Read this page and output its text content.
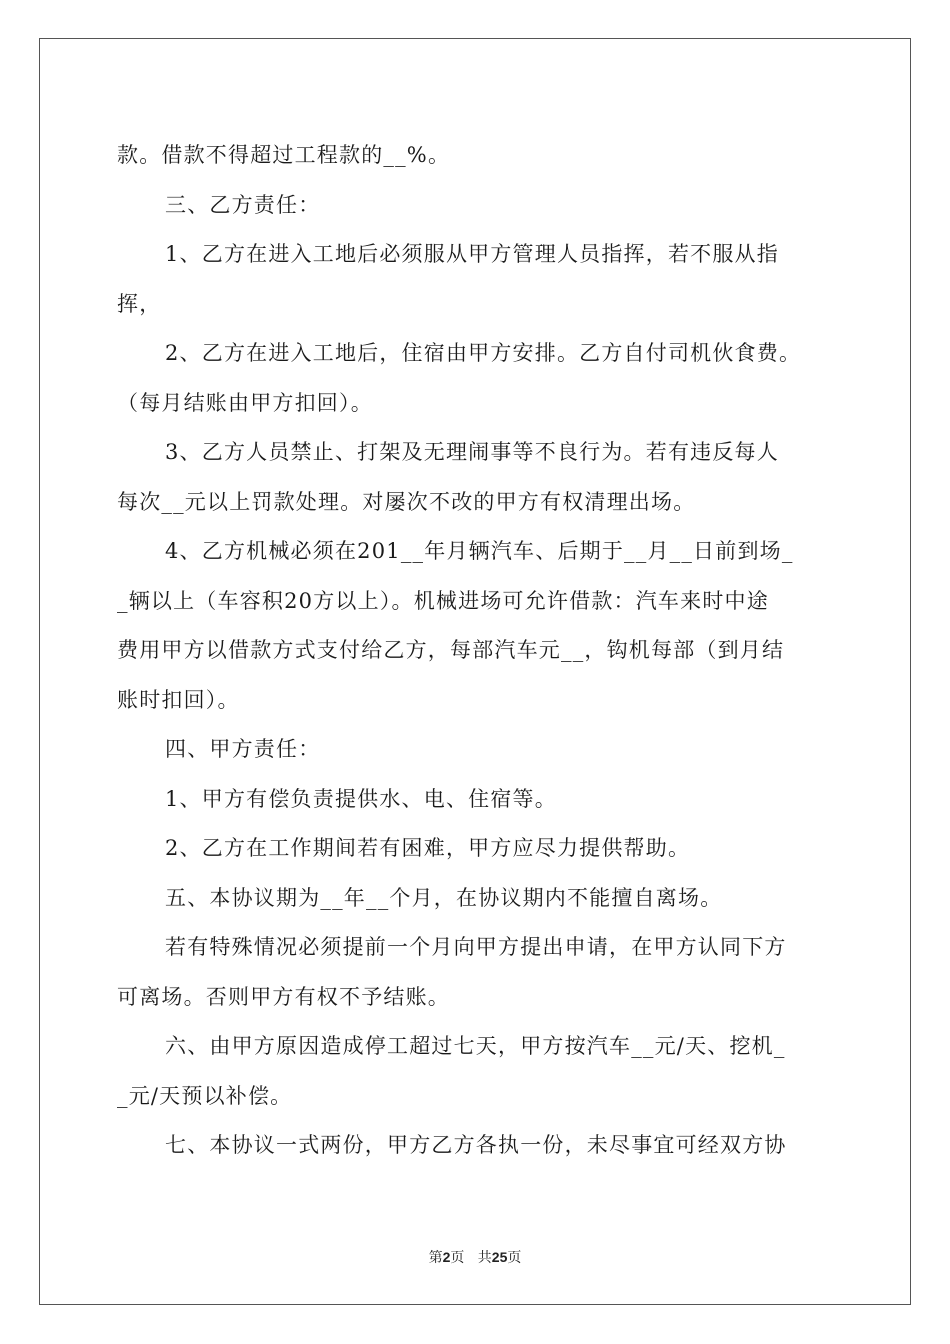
款。借款不得超过工程款的__%。

三、乙方责任：

1、乙方在进入工地后必须服从甲方管理人员指挥，若不服从指

挥，

2、乙方在进入工地后，住宿由甲方安排。乙方自付司机伙食费。

（每月结账由甲方扣回）。

3、乙方人员禁止、打架及无理闹事等不良行为。若有违反每人

每次__元以上罚款处理。对屡次不改的甲方有权清理出场。

4、乙方机械必须在201__年月辆汽车、后期于__月__日前到场_

_辆以上（车容积20方以上）。机械进场可允许借款：汽车来时中途

费用甲方以借款方式支付给乙方，每部汽车元__，钩机每部（到月结

账时扣回）。

四、甲方责任：

1、甲方有偿负责提供水、电、住宿等。

2、乙方在工作期间若有困难，甲方应尽力提供帮助。

五、本协议期为__年__个月，在协议期内不能擅自离场。

若有特殊情况必须提前一个月向甲方提出申请，在甲方认同下方

可离场。否则甲方有权不予结账。

六、由甲方原因造成停工超过七天，甲方按汽车__元/天、挖机_

_元/天预以补偿。

七、本协议一式两份，甲方乙方各执一份，未尽事宜可经双方协

第2页 共25页
